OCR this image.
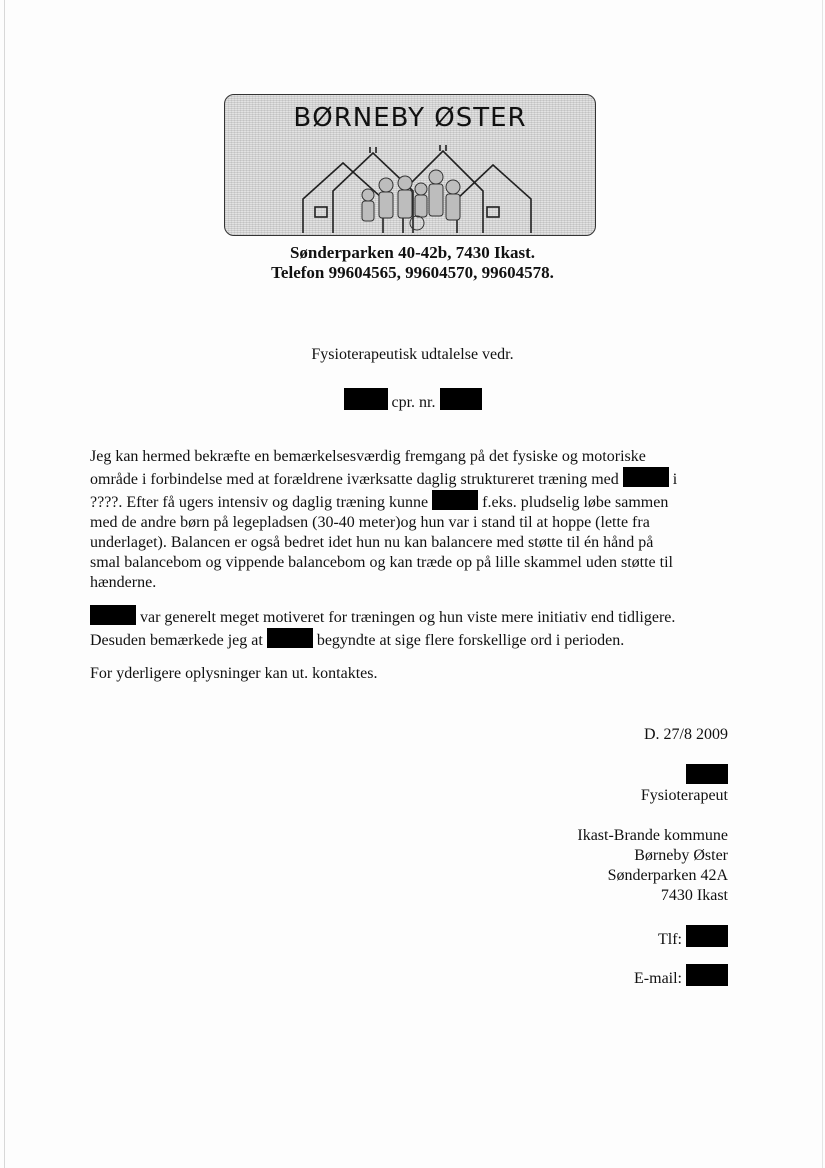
BØRNEBY ØSTER
Sønderparken 40-42b, 7430 Ikast.
Telefon 99604565, 99604570, 99604578.
Fysioterapeutisk udtalelse vedr.
cpr. nr.

Jeg kan hermed bekræfte en bemærkelsesværdig fremgang på det fysiske og motoriske

område i forbindelse med at forældrene iværksatte daglig struktureret træning med	i

????. Efter få ugers intensiv og daglig træning kunne	f.eks. pludselig løbe sammen

med de andre børn på legepladsen (30-40 meter)og hun var i stand til at hoppe (lette fra

underlaget). Balancen er også bedret idet hun nu kan balancere med støtte til én hånd på

smal balancebom og vippende balancebom og kan træde op på lille skammel uden støtte til

hænderne.

var generelt meget motiveret for træningen og hun viste mere initiativ end tidligere.

Desuden bemærkede jeg at	begyndte at sige flere forskellige ord i perioden.

For yderligere oplysninger kan ut. kontaktes.

D. 27/8 2009
Fysioterapeut
Ikast-Brande kommune
Børneby Øster
Sønderparken 42A
7430 Ikast
Tlf:
E-mail:
